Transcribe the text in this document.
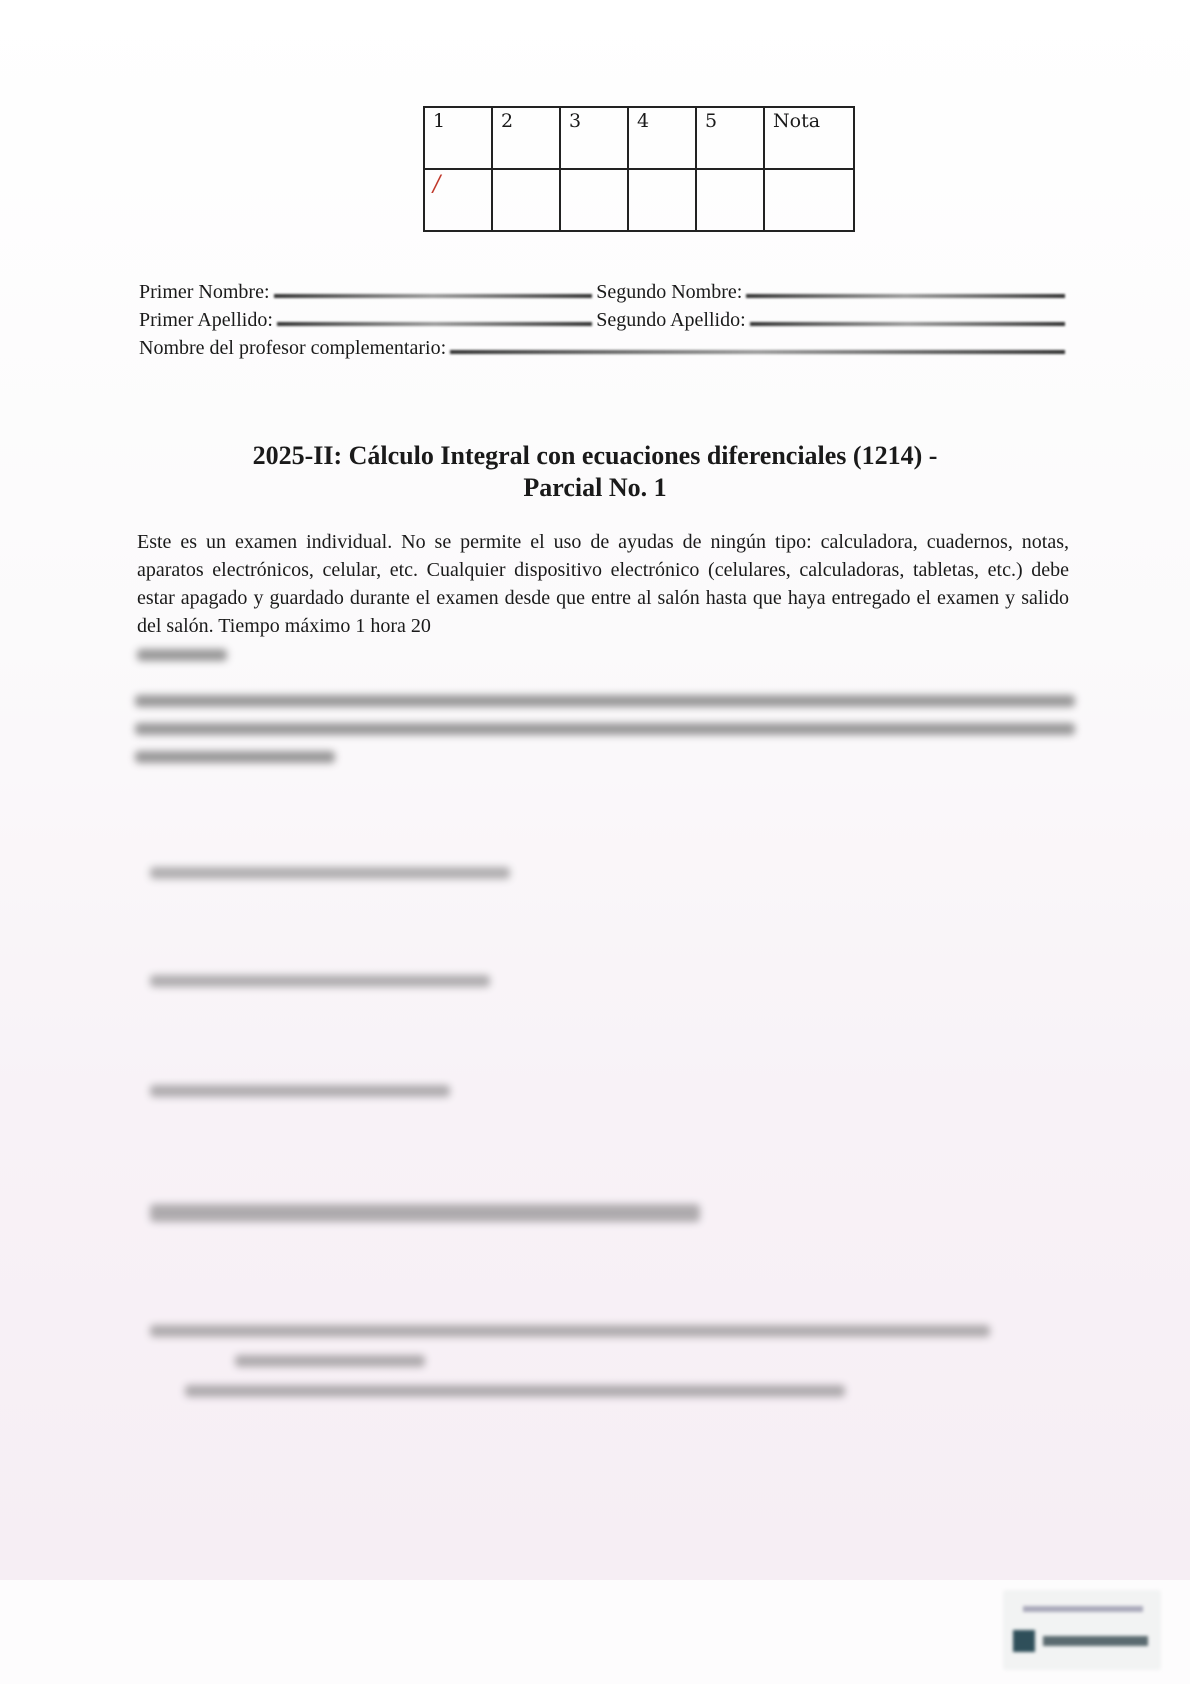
1	2	3	4	5	Nota
/					
Primer Nombre:	Segundo Nombre:
Primer Apellido:	Segundo Apellido:
Nombre del profesor complementario:
2025-II: Cálculo Integral con ecuaciones diferenciales (1214) -
Parcial No. 1
Este es un examen individual. No se permite el uso de ayudas de ningún tipo: calculadora, cuadernos, notas, aparatos electrónicos, celular, etc. Cualquier dispositivo electrónico (celulares, calculadoras, tabletas, etc.) debe estar apagado y guardado durante el examen desde que entre al salón hasta que haya entregado el examen y salido del salón. Tiempo máximo 1 hora 20
